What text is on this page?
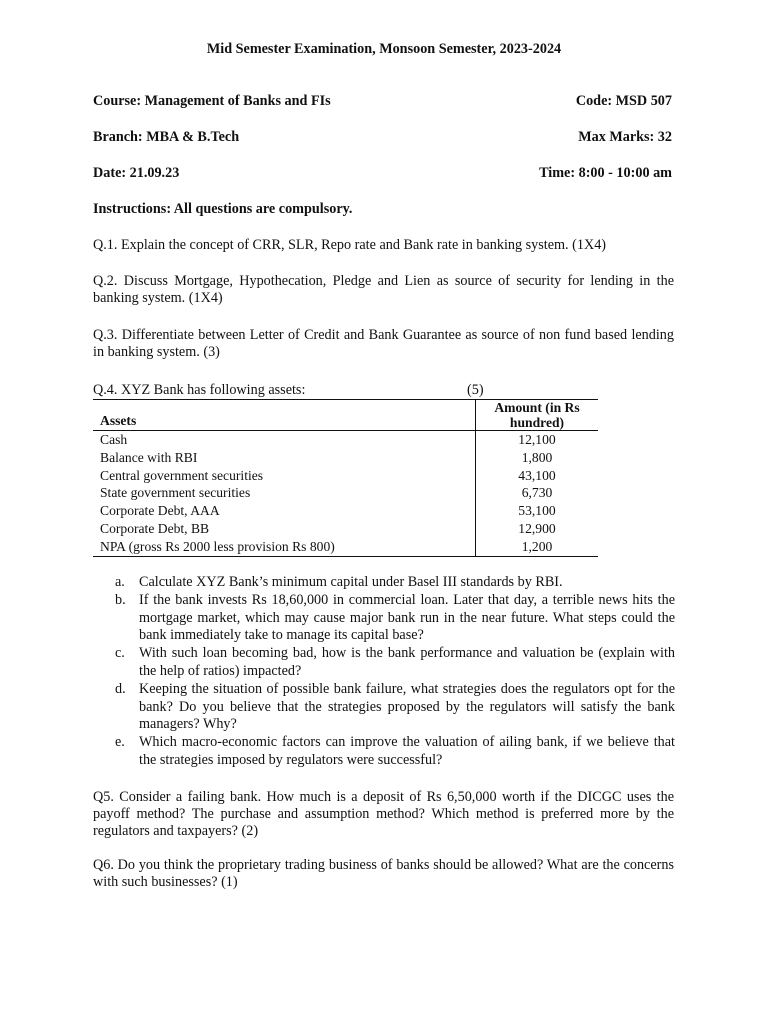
Mid Semester Examination, Monsoon Semester, 2023-2024
Course: Management of Banks and FIs	Code: MSD 507
Branch: MBA & B.Tech	Max Marks: 32
Date: 21.09.23	Time: 8:00 - 10:00 am
Instructions: All questions are compulsory.
Q.1. Explain the concept of CRR, SLR, Repo rate and Bank rate in banking system. (1X4)
Q.2. Discuss Mortgage, Hypothecation, Pledge and Lien as source of security for lending in the banking system. (1X4)
Q.3. Differentiate between Letter of Credit and Bank Guarantee as source of non fund based lending in banking system. (3)
Q.4. XYZ Bank has following assets:	(5)
Assets	Amount (in Rs hundred)
Cash	12,100
Balance with RBI	1,800
Central government securities	43,100
State government securities	6,730
Corporate Debt, AAA	53,100
Corporate Debt, BB	12,900
NPA (gross Rs 2000 less provision Rs 800)	1,200
a. Calculate XYZ Bank’s minimum capital under Basel III standards by RBI.
b. If the bank invests Rs 18,60,000 in commercial loan. Later that day, a terrible news hits the mortgage market, which may cause major bank run in the near future. What steps could the bank immediately take to manage its capital base?
c. With such loan becoming bad, how is the bank performance and valuation be (explain with the help of ratios) impacted?
d. Keeping the situation of possible bank failure, what strategies does the regulators opt for the bank? Do you believe that the strategies proposed by the regulators will satisfy the bank managers? Why?
e. Which macro-economic factors can improve the valuation of ailing bank, if we believe that the strategies imposed by regulators were successful?
Q5. Consider a failing bank. How much is a deposit of Rs 6,50,000 worth if the DICGC uses the payoff method? The purchase and assumption method? Which method is preferred more by the regulators and taxpayers? (2)
Q6. Do you think the proprietary trading business of banks should be allowed? What are the concerns with such businesses? (1)
